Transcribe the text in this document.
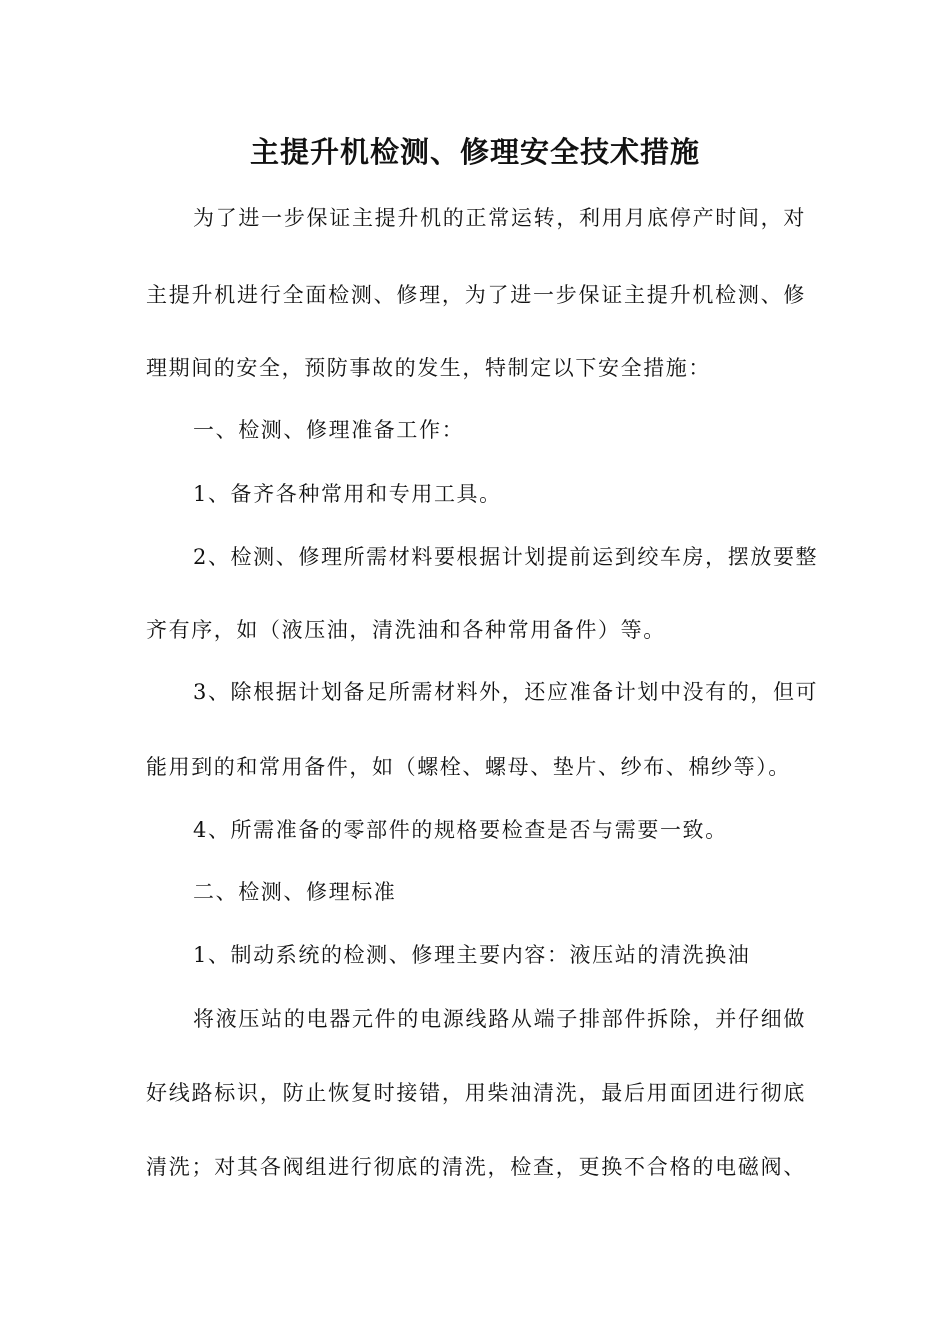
主提升机检测、修理安全技术措施
为了进一步保证主提升机的正常运转，利用月底停产时间，对
主提升机进行全面检测、修理，为了进一步保证主提升机检测、修
理期间的安全，预防事故的发生，特制定以下安全措施：
一、检测、修理准备工作：
1、备齐各种常用和专用工具。
2、检测、修理所需材料要根据计划提前运到绞车房，摆放要整
齐有序，如（液压油，清洗油和各种常用备件）等。
3、除根据计划备足所需材料外，还应准备计划中没有的，但可
能用到的和常用备件，如（螺栓、螺母、垫片、纱布、棉纱等）。
4、所需准备的零部件的规格要检查是否与需要一致。
二、检测、修理标准
1、制动系统的检测、修理主要内容：液压站的清洗换油
将液压站的电器元件的电源线路从端子排部件拆除，并仔细做
好线路标识，防止恢复时接错，用柴油清洗，最后用面团进行彻底
清洗；对其各阀组进行彻底的清洗，检查，更换不合格的电磁阀、
